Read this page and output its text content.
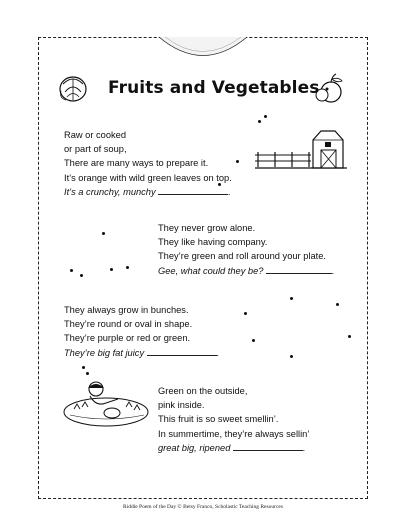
Fruits and Vegetables
Raw or cooked
or part of soup,
There are many ways to prepare it.
It’s orange with wild green leaves on top.
It’s a crunchy, munchy	.
They never grow alone.
They like having company.
They’re green and roll around your plate.
Gee, what could they be?	.
They always grow in bunches.
They’re round or oval in shape.
They’re purple or red or green.
They’re big fat juicy	.
Green on the outside,
pink inside.
This fruit is so sweet smellin’.
In summertime, they’re always sellin’
great big, ripened	.
Riddle Poem of the Day © Betsy Franco, Scholastic Teaching Resources
